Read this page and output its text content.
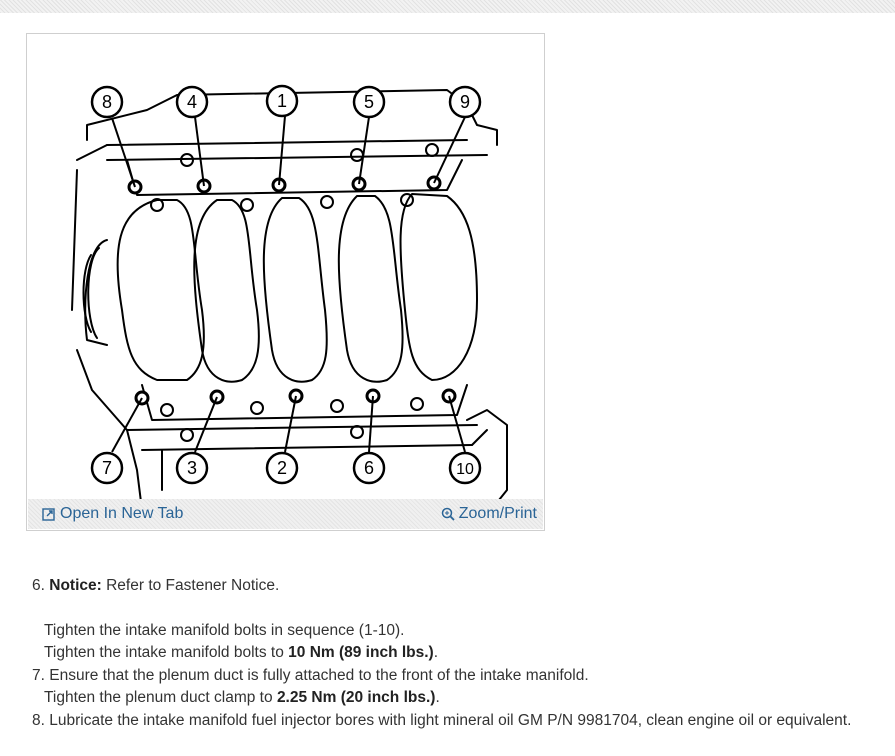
8	4	1	5	9
7	3	2	6	10
Open In New Tab	Zoom/Print
6. Notice: Refer to Fastener Notice.
Tighten the intake manifold bolts in sequence (1-10).
Tighten the intake manifold bolts to 10 Nm (89 inch lbs.).
7. Ensure that the plenum duct is fully attached to the front of the intake manifold.
Tighten the plenum duct clamp to 2.25 Nm (20 inch lbs.).
8. Lubricate the intake manifold fuel injector bores with light mineral oil GM P/N 9981704, clean engine oil or equivalent.
